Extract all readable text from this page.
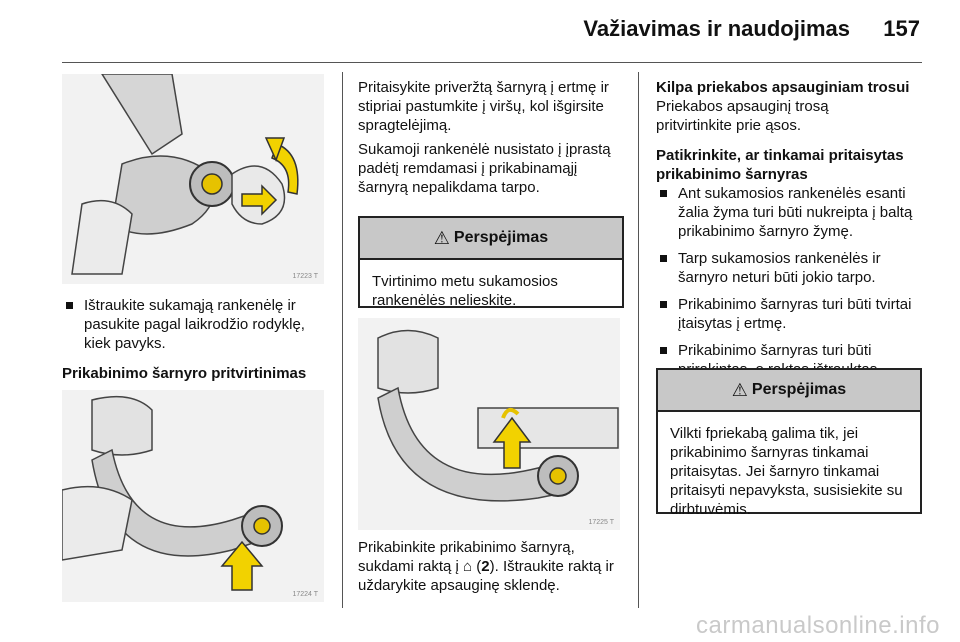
Važiavimas ir naudojimas 157
17223 T
Ištraukite sukamąją rankenėlę ir pasukite pagal laikrodžio rodyklę, kiek pavyks.
Prikabinimo šarnyro pritvirtinimas
17224 T
Pritaisykite priveržtą šarnyrą į ertmę ir stipriai pastumkite į viršų, kol išgirsite spragtelėjimą.
Sukamoji rankenėlė nusistato į įprastą padėtį remdamasi į prikabinamąjį šarnyrą nepalikdama tarpo.
⚠ Perspėjimas
Tvirtinimo metu sukamosios rankenėlės nelieskite.
17225 T
Prikabinkite prikabinimo šarnyrą, sukdami raktą į ⌂ (2). Ištraukite raktą ir uždarykite apsauginę sklendę.
Kilpa priekabos apsauginiam trosui
Priekabos apsauginį trosą pritvirtinkite prie ąsos.
Patikrinkite, ar tinkamai pritaisytas prikabinimo šarnyras
Ant sukamosios rankenėlės esanti žalia žyma turi būti nukreipta į baltą prikabinimo šarnyro žymę.
Tarp sukamosios rankenėlės ir šarnyro neturi būti jokio tarpo.
Prikabinimo šarnyras turi būti tvirtai įtaisytas į ertmę.
Prikabinimo šarnyras turi būti
⚠ Perspėjimas
Vilkti fpriekabą galima tik, jei prikabinimo šarnyras tinkamai pritaisytas. Jei šarnyro tinkamai pritaisyti nepavyksta, susisiekite su dirbtuvėmis.
carmanualsonline.info
